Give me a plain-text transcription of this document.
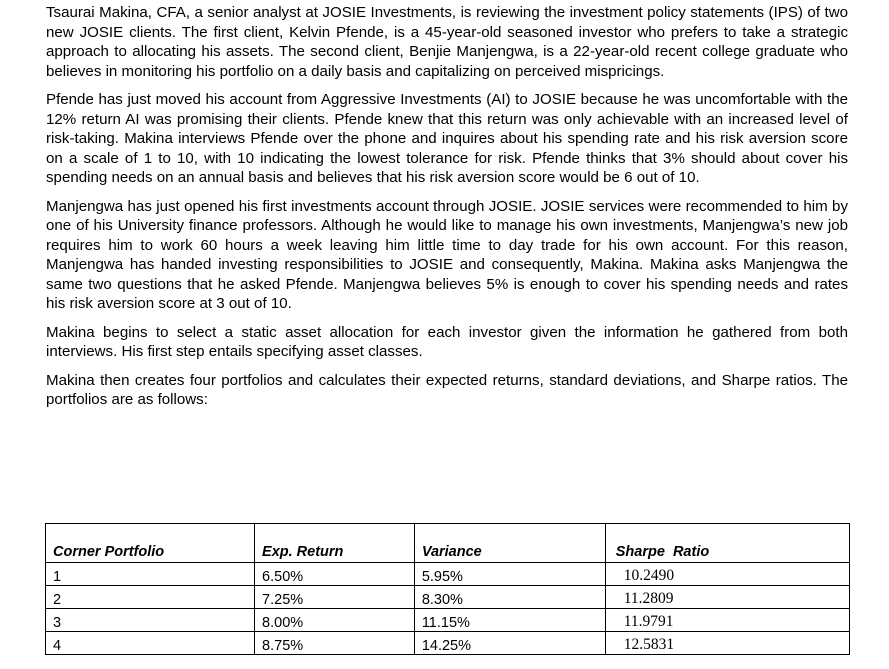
Tsaurai Makina, CFA, a senior analyst at JOSIE Investments, is reviewing the investment policy statements (IPS) of two new JOSIE clients. The first client, Kelvin Pfende, is a 45-year-old seasoned investor who prefers to take a strategic approach to allocating his assets. The second client, Benjie Manjengwa, is a 22-year-old recent college graduate who believes in monitoring his portfolio on a daily basis and capitalizing on perceived mispricings.

Pfende has just moved his account from Aggressive Investments (AI) to JOSIE because he was uncomfortable with the 12% return AI was promising their clients. Pfende knew that this return was only achievable with an increased level of risk-taking. Makina interviews Pfende over the phone and inquires about his spending rate and his risk aversion score on a scale of 1 to 10, with 10 indicating the lowest tolerance for risk. Pfende thinks that 3% should about cover his spending needs on an annual basis and believes that his risk aversion score would be 6 out of 10.

Manjengwa has just opened his first investments account through JOSIE. JOSIE services were recommended to him by one of his University finance professors. Although he would like to manage his own investments, Manjengwa’s new job requires him to work 60 hours a week leaving him little time to day trade for his own account. For this reason, Manjengwa has handed investing responsibilities to JOSIE and consequently, Makina. Makina asks Manjengwa the same two questions that he asked Pfende. Manjengwa believes 5% is enough to cover his spending needs and rates his risk aversion score at 3 out of 10.

Makina begins to select a static asset allocation for each investor given the information he gathered from both interviews. His first step entails specifying asset classes.

Makina then creates four portfolios and calculates their expected returns, standard deviations, and Sharpe ratios. The portfolios are as follows:

Corner Portfolio	Exp. Return	Variance	Sharpe  Ratio
1	6.50%	5.95%	10.2490
2	7.25%	8.30%	11.2809
3	8.00%	11.15%	11.9791
4	8.75%	14.25%	12.5831
